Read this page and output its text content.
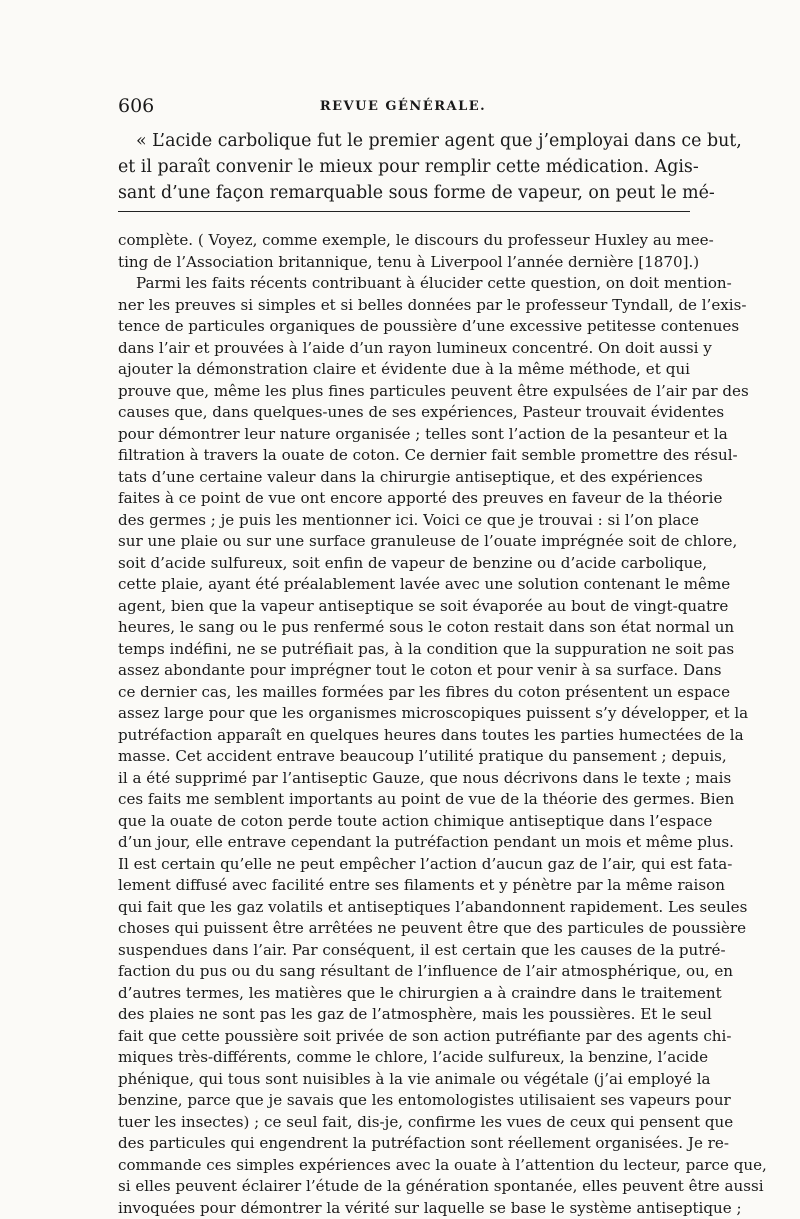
606	REVUE GÉNÉRALE.
« L’acide carbolique fut le premier agent que j’employai dans ce but,
et il paraît convenir le mieux pour remplir cette médication. Agis-
sant d’une façon remarquable sous forme de vapeur, on peut le mé-
complète. ( Voyez, comme exemple, le discours du professeur Huxley au mee-
ting de l’Association britannique, tenu à Liverpool l’année dernière [1870].)
Parmi les faits récents contribuant à élucider cette question, on doit mention-
ner les preuves si simples et si belles données par le professeur Tyndall, de l’exis-
tence de particules organiques de poussière d’une excessive petitesse contenues
dans l’air et prouvées à l’aide d’un rayon lumineux concentré. On doit aussi y
ajouter la démonstration claire et évidente due à la même méthode, et qui
prouve que, même les plus fines particules peuvent être expulsées de l’air par des
causes que, dans quelques-unes de ses expériences, Pasteur trouvait évidentes
pour démontrer leur nature organisée ; telles sont l’action de la pesanteur et la
filtration à travers la ouate de coton. Ce dernier fait semble promettre des résul-
tats d’une certaine valeur dans la chirurgie antiseptique, et des expériences
faites à ce point de vue ont encore apporté des preuves en faveur de la théorie
des germes ; je puis les mentionner ici. Voici ce que je trouvai : si l’on place
sur une plaie ou sur une surface granuleuse de l’ouate imprégnée soit de chlore,
soit d’acide sulfureux, soit enfin de vapeur de benzine ou d’acide carbolique,
cette plaie, ayant été préalablement lavée avec une solution contenant le même
agent, bien que la vapeur antiseptique se soit évaporée au bout de vingt-quatre
heures, le sang ou le pus renfermé sous le coton restait dans son état normal un
temps indéfini, ne se putréfiait pas, à la condition que la suppuration ne soit pas
assez abondante pour imprégner tout le coton et pour venir à sa surface. Dans
ce dernier cas, les mailles formées par les fibres du coton présentent un espace
assez large pour que les organismes microscopiques puissent s’y développer, et la
putréfaction apparaît en quelques heures dans toutes les parties humectées de la
masse. Cet accident entrave beaucoup l’utilité pratique du pansement ; depuis,
il a été supprimé par l’antiseptic Gauze, que nous décrivons dans le texte ; mais
ces faits me semblent importants au point de vue de la théorie des germes. Bien
que la ouate de coton perde toute action chimique antiseptique dans l’espace
d’un jour, elle entrave cependant la putréfaction pendant un mois et même plus.
Il est certain qu’elle ne peut empêcher l’action d’aucun gaz de l’air, qui est fata-
lement diffusé avec facilité entre ses filaments et y pénètre par la même raison
qui fait que les gaz volatils et antiseptiques l’abandonnent rapidement. Les seules
choses qui puissent être arrêtées ne peuvent être que des particules de poussière
suspendues dans l’air. Par conséquent, il est certain que les causes de la putré-
faction du pus ou du sang résultant de l’influence de l’air atmosphérique, ou, en
d’autres termes, les matières que le chirurgien a à craindre dans le traitement
des plaies ne sont pas les gaz de l’atmosphère, mais les poussières. Et le seul
fait que cette poussière soit privée de son action putréfiante par des agents chi-
miques très-différents, comme le chlore, l’acide sulfureux, la benzine, l’acide
phénique, qui tous sont nuisibles à la vie animale ou végétale (j’ai employé la
benzine, parce que je savais que les entomologistes utilisaient ses vapeurs pour
tuer les insectes) ; ce seul fait, dis-je, confirme les vues de ceux qui pensent que
des particules qui engendrent la putréfaction sont réellement organisées. Je re-
commande ces simples expériences avec la ouate à l’attention du lecteur, parce que,
si elles peuvent éclairer l’étude de la génération spontanée, elles peuvent être aussi
invoquées pour démontrer la vérité sur laquelle se base le système antiseptique ;
